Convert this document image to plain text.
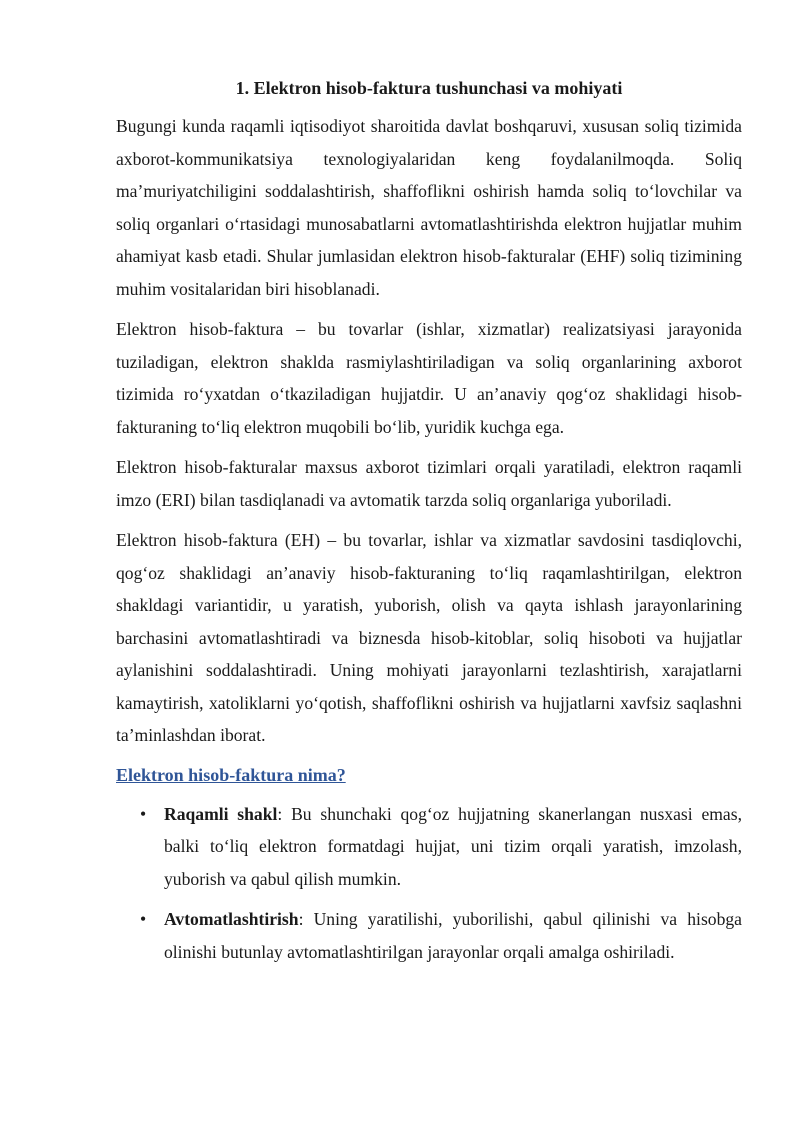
1. Elektron hisob-faktura tushunchasi va mohiyati

Bugungi kunda raqamli iqtisodiyot sharoitida davlat boshqaruvi, xususan soliq tizimida axborot-kommunikatsiya texnologiyalaridan keng foydalanilmoqda. Soliq ma’muriyatchiligini soddalashtirish, shaffoflikni oshirish hamda soliq to‘lovchilar va soliq organlari o‘rtasidagi munosabatlarni avtomatlashtirishda elektron hujjatlar muhim ahamiyat kasb etadi. Shular jumlasidan elektron hisob-fakturalar (EHF) soliq tizimining muhim vositalaridan biri hisoblanadi.

Elektron hisob-faktura – bu tovarlar (ishlar, xizmatlar) realizatsiyasi jarayonida tuziladigan, elektron shaklda rasmiylashtiriladigan va soliq organlarining axborot tizimida ro‘yxatdan o‘tkaziladigan hujjatdir. U an’anaviy qog‘oz shaklidagi hisob-fakturaning to‘liq elektron muqobili bo‘lib, yuridik kuchga ega.

Elektron hisob-fakturalar maxsus axborot tizimlari orqali yaratiladi, elektron raqamli imzo (ERI) bilan tasdiqlanadi va avtomatik tarzda soliq organlariga yuboriladi.

Elektron hisob-faktura (EH) – bu tovarlar, ishlar va xizmatlar savdosini tasdiqlovchi, qog‘oz shaklidagi an’anaviy hisob-fakturaning to‘liq raqamlashtirilgan, elektron shakldagi variantidir, u yaratish, yuborish, olish va qayta ishlash jarayonlarining barchasini avtomatlashtiradi va biznesda hisob-kitoblar, soliq hisoboti va hujjatlar aylanishini soddalashtiradi. Uning mohiyati jarayonlarni tezlashtirish, xarajatlarni kamaytirish, xatoliklarni yo‘qotish, shaffoflikni oshirish va hujjatlarni xavfsiz saqlashni ta’minlashdan iborat.

Elektron hisob-faktura nima?
• Raqamli shakl: Bu shunchaki qog‘oz hujjatning skanerlangan nusxasi emas, balki to‘liq elektron formatdagi hujjat, uni tizim orqali yaratish, imzolash, yuborish va qabul qilish mumkin.
• Avtomatlashtirish: Uning yaratilishi, yuborilishi, qabul qilinishi va hisobga olinishi butunlay avtomatlashtirilgan jarayonlar orqali amalga oshiriladi.
